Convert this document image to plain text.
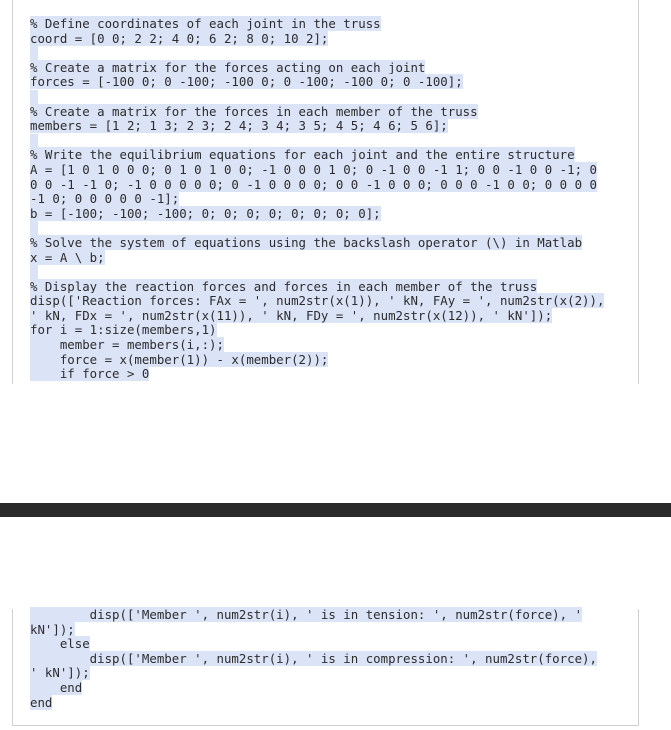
% Define coordinates of each joint in the truss
coord = [0 0; 2 2; 4 0; 6 2; 8 0; 10 2];
% Create a matrix for the forces acting on each joint
forces = [-100 0; 0 -100; -100 0; 0 -100; -100 0; 0 -100];
% Create a matrix for the forces in each member of the truss
members = [1 2; 1 3; 2 3; 2 4; 3 4; 3 5; 4 5; 4 6; 5 6];
% Write the equilibrium equations for each joint and the entire structure
A = [1 0 1 0 0 0; 0 1 0 1 0 0; -1 0 0 0 1 0; 0 -1 0 0 -1 1; 0 0 -1 0 0 -1; 0
0 0 -1 -1 0; -1 0 0 0 0 0; 0 -1 0 0 0 0; 0 0 -1 0 0 0; 0 0 0 -1 0 0; 0 0 0 0
-1 0; 0 0 0 0 0 -1];
b = [-100; -100; -100; 0; 0; 0; 0; 0; 0; 0; 0];
% Solve the system of equations using the backslash operator (\) in Matlab
x = A \ b;
% Display the reaction forces and forces in each member of the truss
disp(['Reaction forces: FAx = ', num2str(x(1)), ' kN, FAy = ', num2str(x(2)),
' kN, FDx = ', num2str(x(11)), ' kN, FDy = ', num2str(x(12)), ' kN']);
for i = 1:size(members,1)
member = members(i,:);
force = x(member(1)) - x(member(2));
if force > 0
disp(['Member ', num2str(i), ' is in tension: ', num2str(force), '
kN']);
else
disp(['Member ', num2str(i), ' is in compression: ', num2str(force),
' kN']);
end
end
